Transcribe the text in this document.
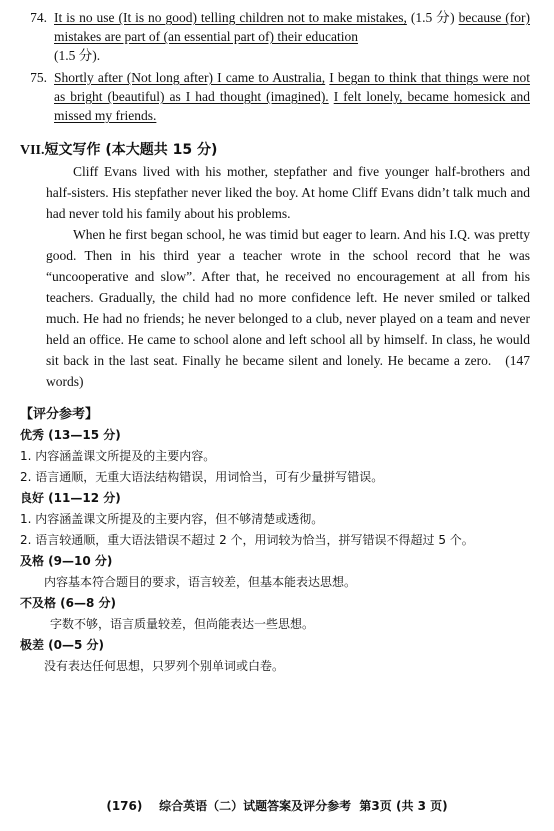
74. It is no use (It is no good) telling children not to make mistakes, (1.5 分) because (for) mistakes are part of (an essential part of) their education
(1.5 分).
75. Shortly after (Not long after) I came to Australia, I began to think that things were not as bright (beautiful) as I had thought (imagined). I felt lonely, became homesick and missed my friends.
VII.短文写作 (本大题共 15 分)

Cliff Evans lived with his mother, stepfather and five younger half-brothers and half-sisters. His stepfather never liked the boy. At home Cliff Evans didn’t talk much and had never told his family about his problems.

When he first began school, he was timid but eager to learn. And his I.Q. was pretty good. Then in his third year a teacher wrote in the school record that he was “uncooperative and slow”. After that, he received no encouragement at all from his teachers. Gradually, the child had no more confidence left. He never smiled or talked much. He had no friends; he never belonged to a club, never played on a team and never held an office. He came to school alone and left school all by himself. In class, he would sit back in the last seat. Finally he became silent and lonely. He became a zero. (147 words)

【评分参考】
优秀 (13—15 分)
1. 内容涵盖课文所提及的主要内容。
2. 语言通顺，无重大语法结构错误，用词恰当，可有少量拼写错误。
良好 (11—12 分)
1. 内容涵盖课文所提及的主要内容，但不够清楚或透彻。
2. 语言较通顺，重大语法错误不超过 2 个，用词较为恰当，拼写错误不得超过 5 个。
及格 (9—10 分)
内容基本符合题目的要求，语言较差，但基本能表达思想。
不及格 (6—8 分)
字数不够，语言质量较差，但尚能表达一些思想。
极差 (0—5 分)
没有表达任何思想，只罗列个别单词或白卷。
(176)    综合英语（二）试题答案及评分参考  第3页 (共 3 页)
